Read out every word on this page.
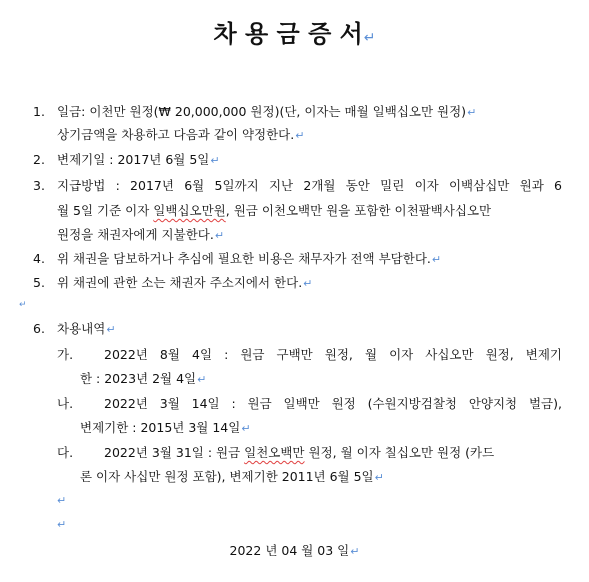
차 용 금 증 서↵
1. 일금: 이천만 원정(₩ 20,000,000 원정)(단, 이자는 매월 일백십오만 원정)↵
상기금액을 차용하고 다음과 같이 약정한다.↵
2. 변제기일 : 2017년 6월 5일↵
3. 지급방법 : 2017년 6월 5일까지 지난 2개월 동안 밀린 이자 이백삼십만 원과 6
월 5일 기준 이자 일백십오만원, 원금 이천오백만 원을 포함한 이천팔백사십오만
원정을 채권자에게 지불한다.↵
4. 위 채권을 담보하거나 추심에 필요한 비용은 채무자가 전액 부담한다.↵
5. 위 채권에 관한 소는 채권자 주소지에서 한다.↵
↵
6. 차용내역↵
가. 2022년 8월 4일 : 원금 구백만 원정, 월 이자 사십오만 원정, 변제기
한 : 2023년 2월 4일↵
나. 2022년 3월 14일 : 원금 일백만 원정 (수원지방검찰청 안양지청 벌금),
변제기한 : 2015년 3월 14일↵
다. 2022년 3월 31일 : 원금 일천오백만 원정, 월 이자 칠십오만 원정 (카드
론 이자 사십만 원정 포함), 변제기한 2011년 6월 5일↵
↵
↵
2022 년 04 월 03 일↵
